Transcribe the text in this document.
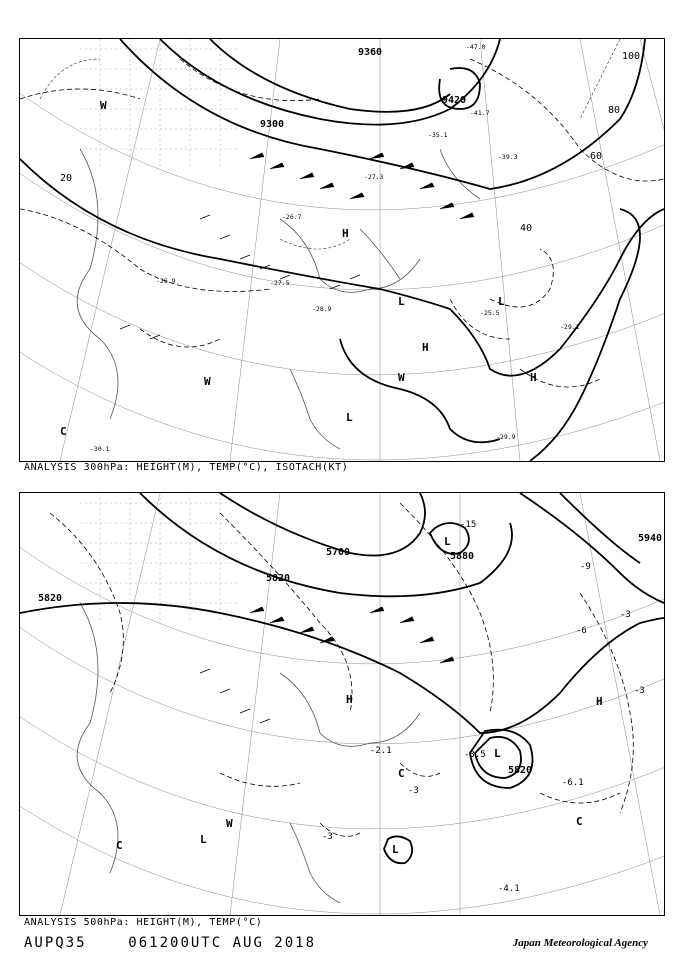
9360
9420
9300
20
40
60
80
100
-47.0
-41.7
-39.3
-35.1
-27.3
-27.5
-26.9
-28.9
-29.1
-25.5
-30.1
-29.9
-26.7
H
H
H
L
L
L
W
W
W
C
ANALYSIS 300hPa: HEIGHT(M), TEMP(°C), ISOTACH(KT)
5700
5820
5820
5880
5940
5820
-15
-9
-6
-3
-3
-3
-3
-3.5
-2.1
-6.1
-4.1
H	H
L
L
L
L
W
C
C
C
ANALYSIS 500hPa: HEIGHT(M), TEMP(°C)
AUPQ35	061200UTC AUG 2018	Japan Meteorological Agency
